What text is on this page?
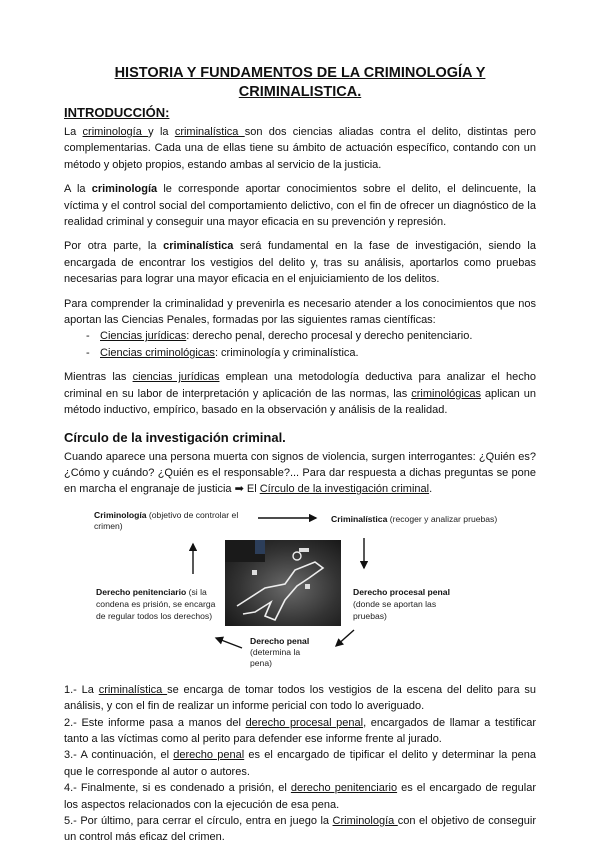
HISTORIA Y FUNDAMENTOS DE LA CRIMINOLOGÍA Y CRIMINALISTICA.
INTRODUCCIÓN:

La criminología y la criminalística son dos ciencias aliadas contra el delito, distintas pero complementarias. Cada una de ellas tiene su ámbito de actuación específico, contando con un método y objeto propios, estando ambas al servicio de la justicia.

A la criminología le corresponde aportar conocimientos sobre el delito, el delincuente, la víctima y el control social del comportamiento delictivo, con el fin de ofrecer un diagnóstico de la realidad criminal y conseguir una mayor eficacia en su prevención y represión.

Por otra parte, la criminalística será fundamental en la fase de investigación, siendo la encargada de encontrar los vestigios del delito y, tras su análisis, aportarlos como pruebas necesarias para lograr una mayor eficacia en el enjuiciamiento de los delitos.

Para comprender la criminalidad y prevenirla es necesario atender a los conocimientos que nos aportan las Ciencias Penales, formadas por las siguientes ramas científicas:

- Ciencias jurídicas: derecho penal, derecho procesal y derecho penitenciario.
- Ciencias criminológicas: criminología y criminalística.

Mientras las ciencias jurídicas emplean una metodología deductiva para analizar el hecho criminal en su labor de interpretación y aplicación de las normas, las criminológicas aplican un método inductivo, empírico, basado en la observación y análisis de la realidad.

Círculo de la investigación criminal.

Cuando aparece una persona muerta con signos de violencia, surgen interrogantes: ¿Quién es? ¿Cómo y cuándo? ¿Quién es el responsable?... Para dar respuesta a dichas preguntas se pone en marcha el engranaje de justicia ➡ El Círculo de la investigación criminal.

Criminología (objetivo de controlar el crimen)
Criminalística (recoger y analizar pruebas)
Derecho procesal penal (donde se aportan las pruebas)
Derecho penal (determina la pena)
Derecho penitenciario (si la condena es prisión, se encarga de regular todos los derechos)

1.- La criminalística se encarga de tomar todos los vestigios de la escena del delito para su análisis, y con el fin de realizar un informe pericial con todo lo averiguado.

2.- Este informe pasa a manos del derecho procesal penal, encargados de llamar a testificar tanto a las víctimas como al perito para defender ese informe frente al jurado.

3.- A continuación, el derecho penal es el encargado de tipificar el delito y determinar la pena que le corresponde al autor o autores.

4.- Finalmente, si es condenado a prisión, el derecho penitenciario es el encargado de regular los aspectos relacionados con la ejecución de esa pena.

5.- Por último, para cerrar el círculo, entra en juego la Criminología con el objetivo de conseguir un control más eficaz del crimen.
